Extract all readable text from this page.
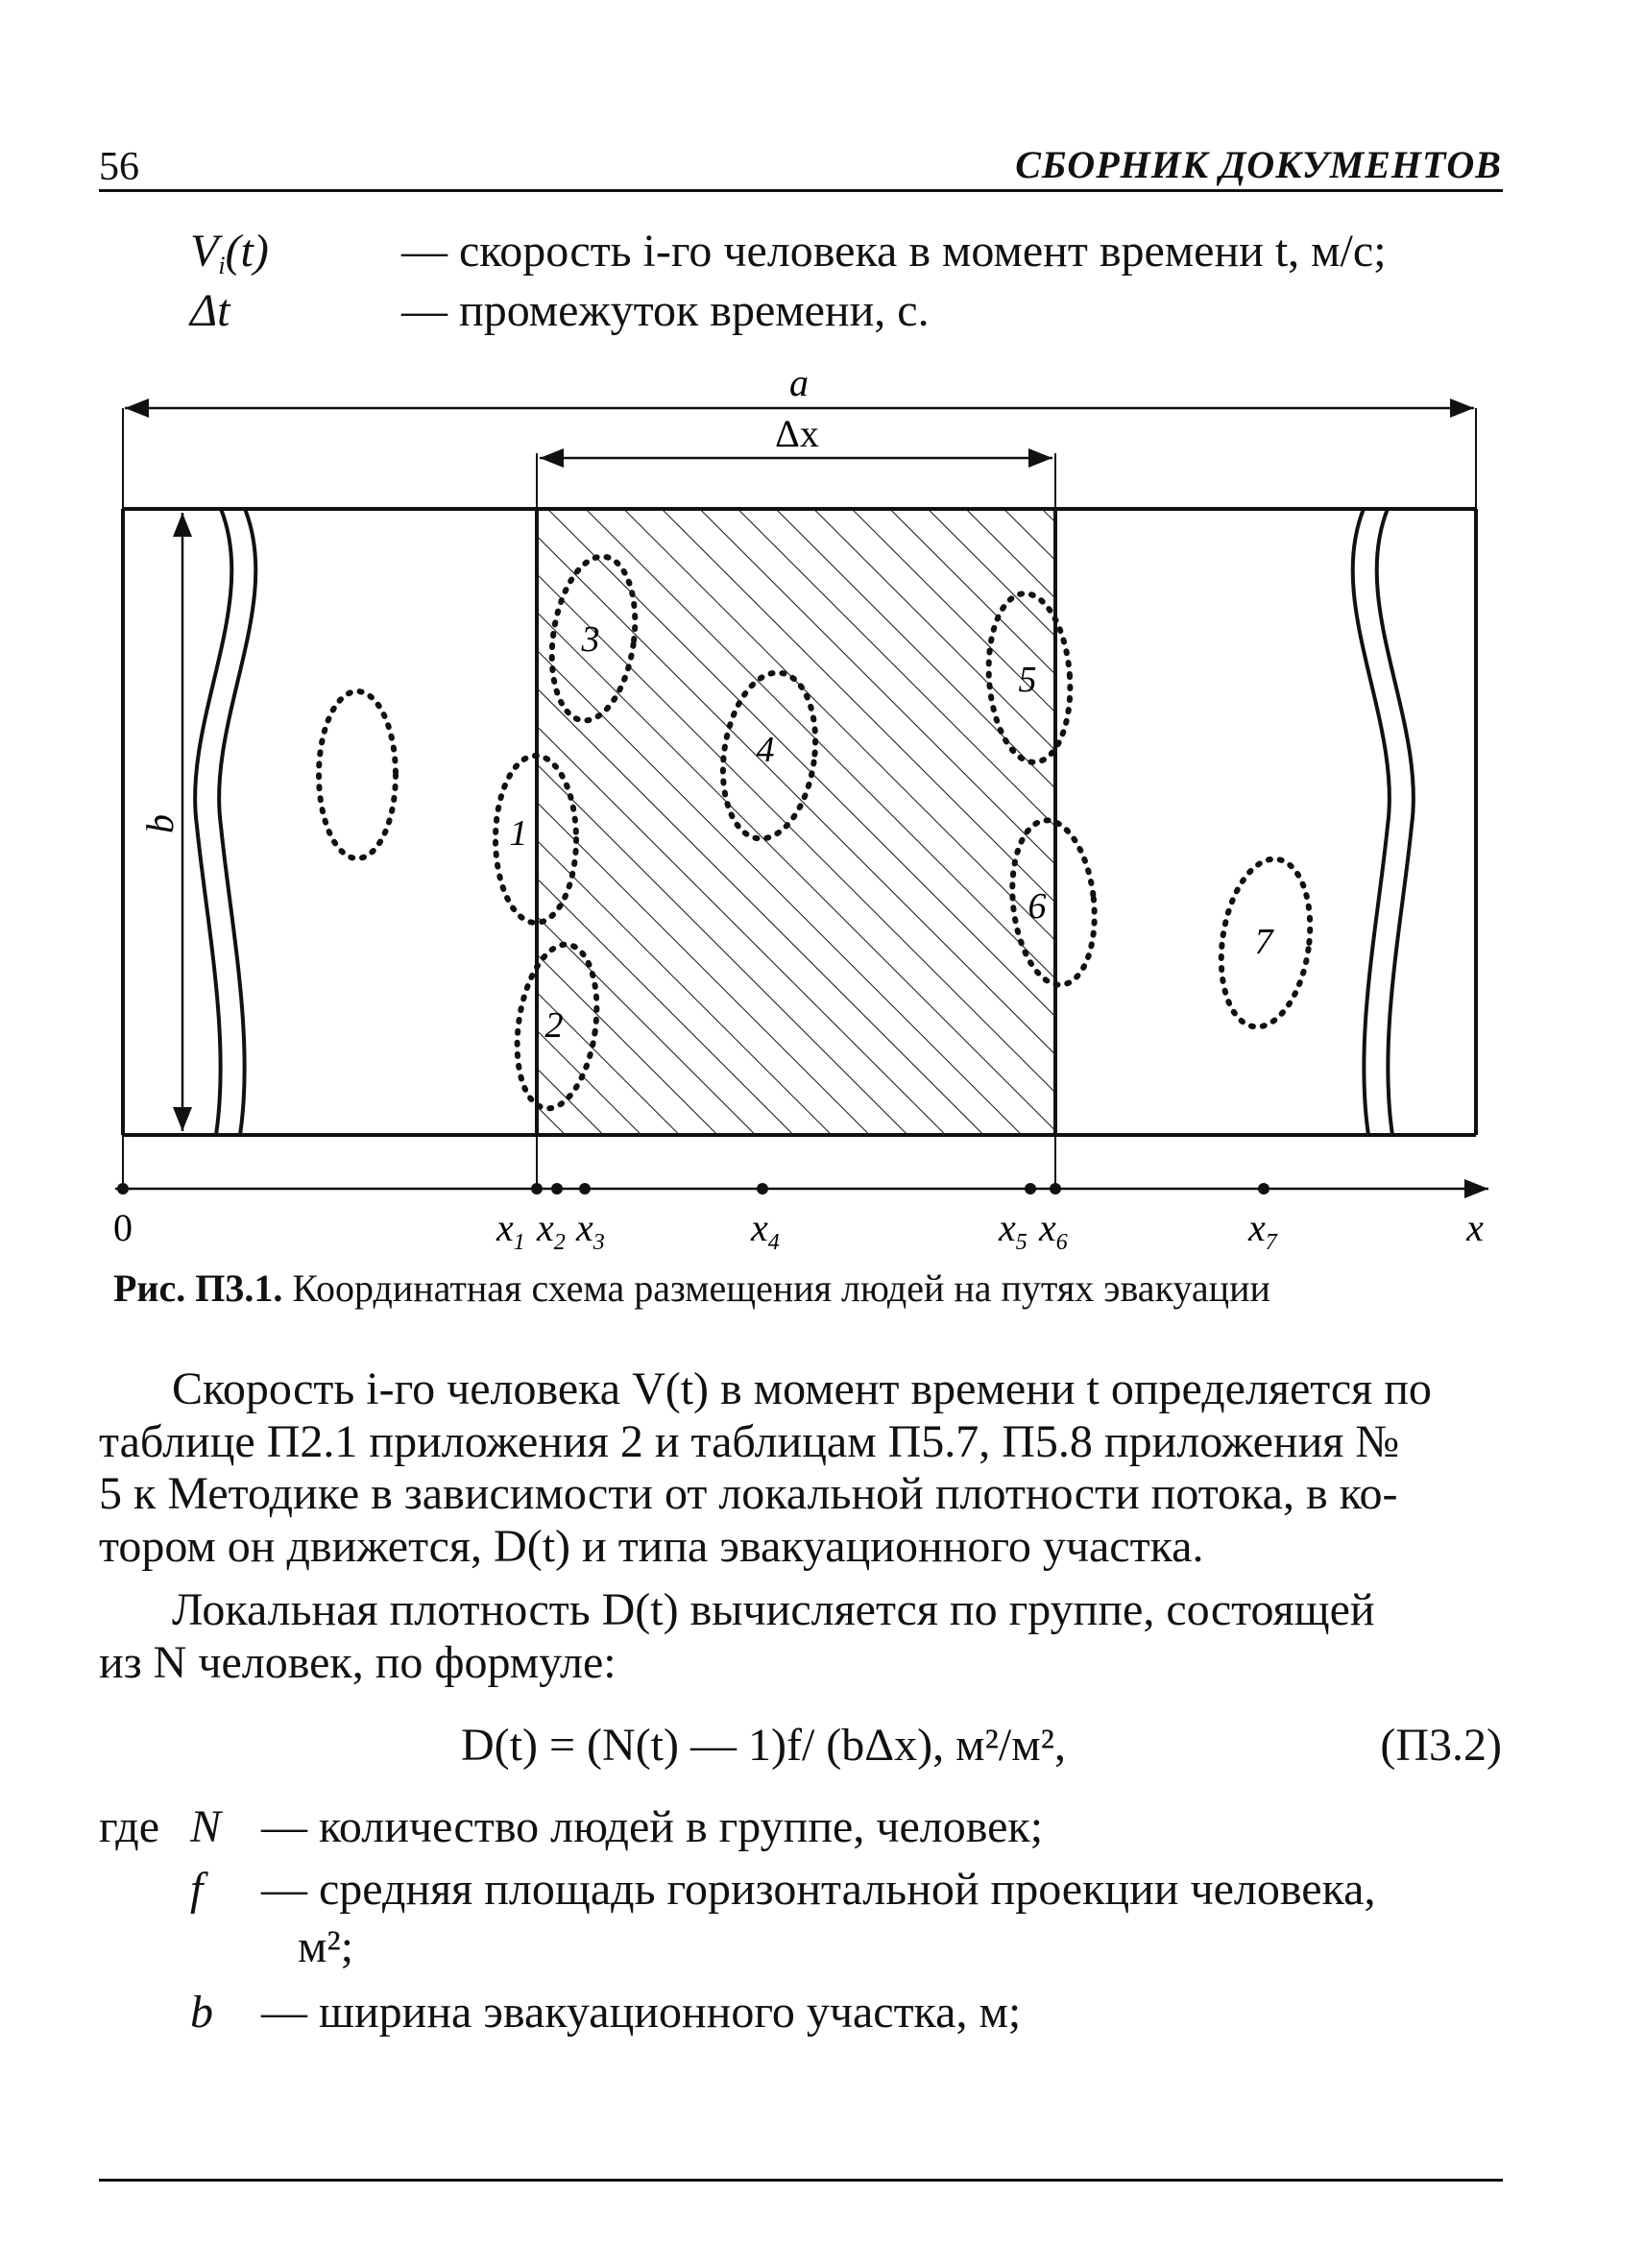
56	СБОРНИК ДОКУМЕНТОВ
$V_i(t)$	— скорость i-го человека в момент времени t, м/с;
Δt	— промежуток времени, с.
a
Δx
b	1
2
3
4
5
6
7
0	x
$x_1$ $x_2$ $x_3$	$x_4$	$x_5$ $x_6$	$x_7$
Рис. П3.1. Координатная схема размещения людей на путях эвакуации
Скорость i-го человека V(t) в момент времени t определяется по
таблице П2.1 приложения 2 и таблицам П5.7, П5.8 приложения №
5 к Методике в зависимости от локальной плотности потока, в ко-
тором он движется, D(t) и типа эвакуационного участка.
Локальная плотность D(t) вычисляется по группе, состоящей
из N человек, по формуле:
D(t) = (N(t) — 1)f/ (bΔx), м²/м²,	(П3.2)
где N — количество людей в группе, человек;
f — средняя площадь горизонтальной проекции человека,
м²;
b — ширина эвакуационного участка, м;
